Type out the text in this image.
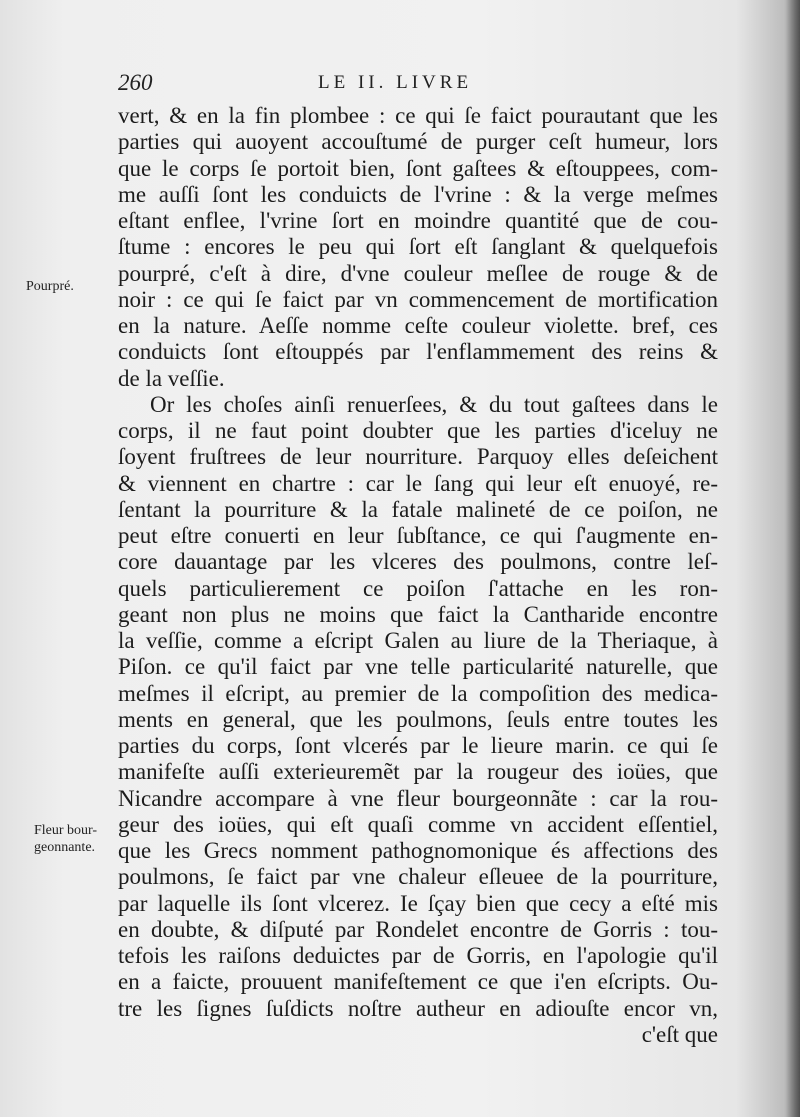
260	LE II. LIVRE
Pourpré.
Fleur bour-
geonnante.
vert, & en la fin plombee : ce qui ſe faict pourautant que les
parties qui auoyent accouſtumé de purger ceſt humeur, lors
que le corps ſe portoit bien, ſont gaſtees & eſtouppees, com-
me auſſi ſont les conduicts de l'vrine : & la verge meſmes
eſtant enflee, l'vrine ſort en moindre quantité que de cou-
ſtume : encores le peu qui ſort eſt ſanglant & quelquefois
pourpré, c'eſt à dire, d'vne couleur meſlee de rouge & de
noir : ce qui ſe faict par vn commencement de mortification
en la nature. Aeſſe nomme ceſte couleur violette. bref, ces
conduicts ſont eſtouppés par l'enflammement des reins &
de la veſſie.
Or les choſes ainſi renuerſees, & du tout gaſtees dans le
corps, il ne faut point doubter que les parties d'iceluy ne
ſoyent fruſtrees de leur nourriture. Parquoy elles deſeichent
& viennent en chartre : car le ſang qui leur eſt enuoyé, re-
ſentant la pourriture & la fatale malineté de ce poiſon, ne
peut eſtre conuerti en leur ſubſtance, ce qui ſ'augmente en-
core dauantage par les vlceres des poulmons, contre leſ-
quels particulierement ce poiſon ſ'attache en les ron-
geant non plus ne moins que faict la Cantharide encontre
la veſſie, comme a eſcript Galen au liure de la Theriaque, à
Piſon. ce qu'il faict par vne telle particularité naturelle, que
meſmes il eſcript, au premier de la compoſition des medica-
ments en general, que les poulmons, ſeuls entre toutes les
parties du corps, ſont vlcerés par le lieure marin. ce qui ſe
manifeſte auſſi exterieuremẽt par la rougeur des ioües, que
Nicandre accompare à vne fleur bourgeonnãte : car la rou-
geur des ioües, qui eſt quaſi comme vn accident eſſentiel,
que les Grecs nomment pathognomonique és affections des
poulmons, ſe faict par vne chaleur eſleuee de la pourriture,
par laquelle ils ſont vlcerez. Ie ſçay bien que cecy a eſté mis
en doubte, & diſputé par Rondelet encontre de Gorris : tou-
tefois les raiſons deduictes par de Gorris, en l'apologie qu'il
en a faicte, prouuent manifeſtement ce que i'en eſcripts. Ou-
tre les ſignes ſuſdicts noſtre autheur en adiouſte encor vn,
c'eſt que
